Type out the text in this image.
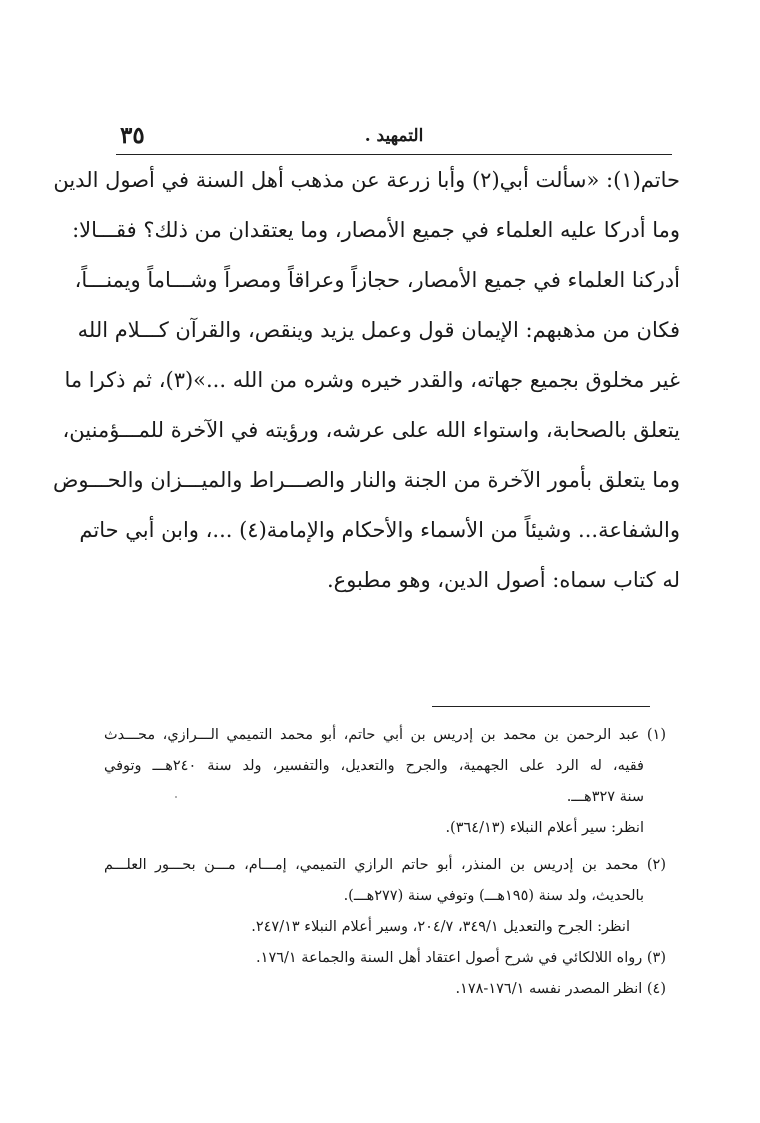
٣٥	التمهيد .
حاتم(١): «سألت أبي(٢) وأبا زرعة عن مذهب أهل السنة في أصول الدين
وما أدركا عليه العلماء في جميع الأمصار، وما يعتقدان من ذلك؟ فقـــالا:
أدركنا العلماء في جميع الأمصار، حجازاً وعراقاً ومصراً وشـــاماً ويمنـــاً،
فكان من مذهبهم: الإيمان قول وعمل يزيد وينقص، والقرآن كـــلام الله
غير مخلوق بجميع جهاته، والقدر خيره وشره من الله ...»(٣)، ثم ذكرا ما
يتعلق بالصحابة، واستواء الله على عرشه، ورؤيته في الآخرة للمـــؤمنين،
وما يتعلق بأمور الآخرة من الجنة والنار والصـــراط والميـــزان والحـــوض
والشفاعة... وشيئاً من الأسماء والأحكام والإمامة(٤) ...، وابن أبي حاتم
له كتاب سماه: أصول الدين، وهو مطبوع.
(١) عبد الرحمن بن محمد بن إدريس بن أبي حاتم، أبو محمد التميمي الـــرازي، محـــدث
فقيه، له الرد على الجهمية، والجرح والتعديل، والتفسير، ولد سنة ٢٤٠هـــ وتوفي
سنة ٣٢٧هـــ.
انظر: سير أعلام النبلاء (٣٦٤/١٣).
(٢) محمد بن إدريس بن المنذر، أبو حاتم الرازي التميمي، إمـــام، مـــن بحـــور العلـــم
بالحديث، ولد سنة (١٩٥هـــ) وتوفي سنة (٢٧٧هـــ).
انظر: الجرح والتعديل ٣٤٩/١، ٢٠٤/٧، وسير أعلام النبلاء ٢٤٧/١٣.
(٣) رواه اللالكائي في شرح أصول اعتقاد أهل السنة والجماعة ١٧٦/١.
(٤) انظر المصدر نفسه ١٧٦/١-١٧٨.
